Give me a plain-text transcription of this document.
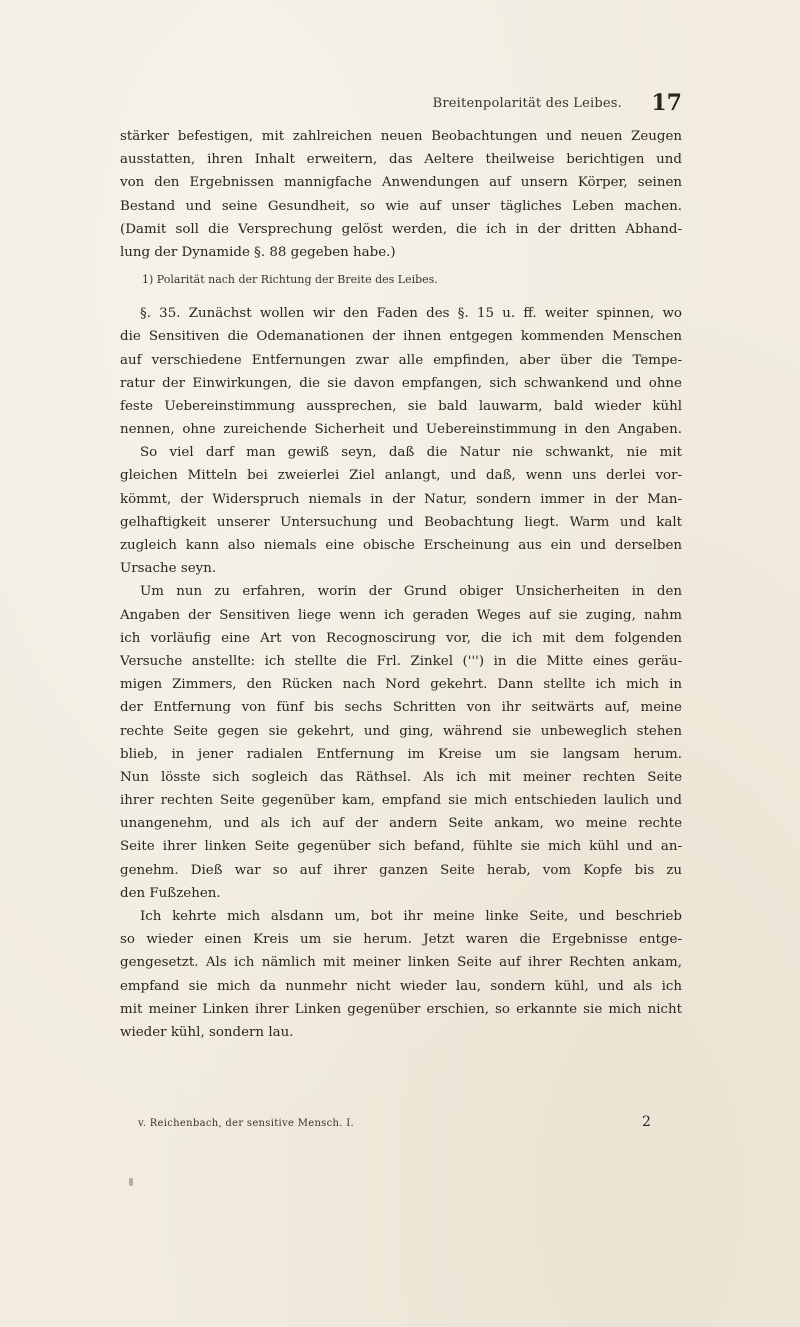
Breitenpolarität des Leibes. 17
stärker befestigen, mit zahlreichen neuen Beobachtungen und neuen Zeugen
ausstatten, ihren Inhalt erweitern, das Aeltere theilweise berichtigen und
von den Ergebnissen mannigfache Anwendungen auf unsern Körper, seinen
Bestand und seine Gesundheit, so wie auf unser tägliches Leben machen.
(Damit soll die Versprechung gelöst werden, die ich in der dritten Abhand-
lung der Dynamide §. 88 gegeben habe.)
1) Polarität nach der Richtung der Breite des Leibes.
§. 35. Zunächst wollen wir den Faden des §. 15 u. ff. weiter spinnen, wo
die Sensitiven die Odemanationen der ihnen entgegen kommenden Menschen
auf verschiedene Entfernungen zwar alle empfinden, aber über die Tempe-
ratur der Einwirkungen, die sie davon empfangen, sich schwankend und ohne
feste Uebereinstimmung aussprechen, sie bald lauwarm, bald wieder kühl
nennen, ohne zureichende Sicherheit und Uebereinstimmung in den Angaben.
So viel darf man gewiß seyn, daß die Natur nie schwankt, nie mit
gleichen Mitteln bei zweierlei Ziel anlangt, und daß, wenn uns derlei vor-
kömmt, der Widerspruch niemals in der Natur, sondern immer in der Man-
gelhaftigkeit unserer Untersuchung und Beobachtung liegt. Warm und kalt
zugleich kann also niemals eine obische Erscheinung aus ein und derselben
Ursache seyn.
Um nun zu erfahren, worin der Grund obiger Unsicherheiten in den
Angaben der Sensitiven liege wenn ich geraden Weges auf sie zuging, nahm
ich vorläufig eine Art von Recognoscirung vor, die ich mit dem folgenden
Versuche anstellte: ich stellte die Frl. Zinkel (''') in die Mitte eines geräu-
migen Zimmers, den Rücken nach Nord gekehrt. Dann stellte ich mich in
der Entfernung von fünf bis sechs Schritten von ihr seitwärts auf, meine
rechte Seite gegen sie gekehrt, und ging, während sie unbeweglich stehen
blieb, in jener radialen Entfernung im Kreise um sie langsam herum.
Nun lösste sich sogleich das Räthsel. Als ich mit meiner rechten Seite
ihrer rechten Seite gegenüber kam, empfand sie mich entschieden laulich und
unangenehm, und als ich auf der andern Seite ankam, wo meine rechte
Seite ihrer linken Seite gegenüber sich befand, fühlte sie mich kühl und an-
genehm. Dieß war so auf ihrer ganzen Seite herab, vom Kopfe bis zu
den Fußzehen.
Ich kehrte mich alsdann um, bot ihr meine linke Seite, und beschrieb
so wieder einen Kreis um sie herum. Jetzt waren die Ergebnisse entge-
gengesetzt. Als ich nämlich mit meiner linken Seite auf ihrer Rechten ankam,
empfand sie mich da nunmehr nicht wieder lau, sondern kühl, und als ich
mit meiner Linken ihrer Linken gegenüber erschien, so erkannte sie mich nicht
wieder kühl, sondern lau.
v. Reichenbach, der sensitive Mensch. I.	2
